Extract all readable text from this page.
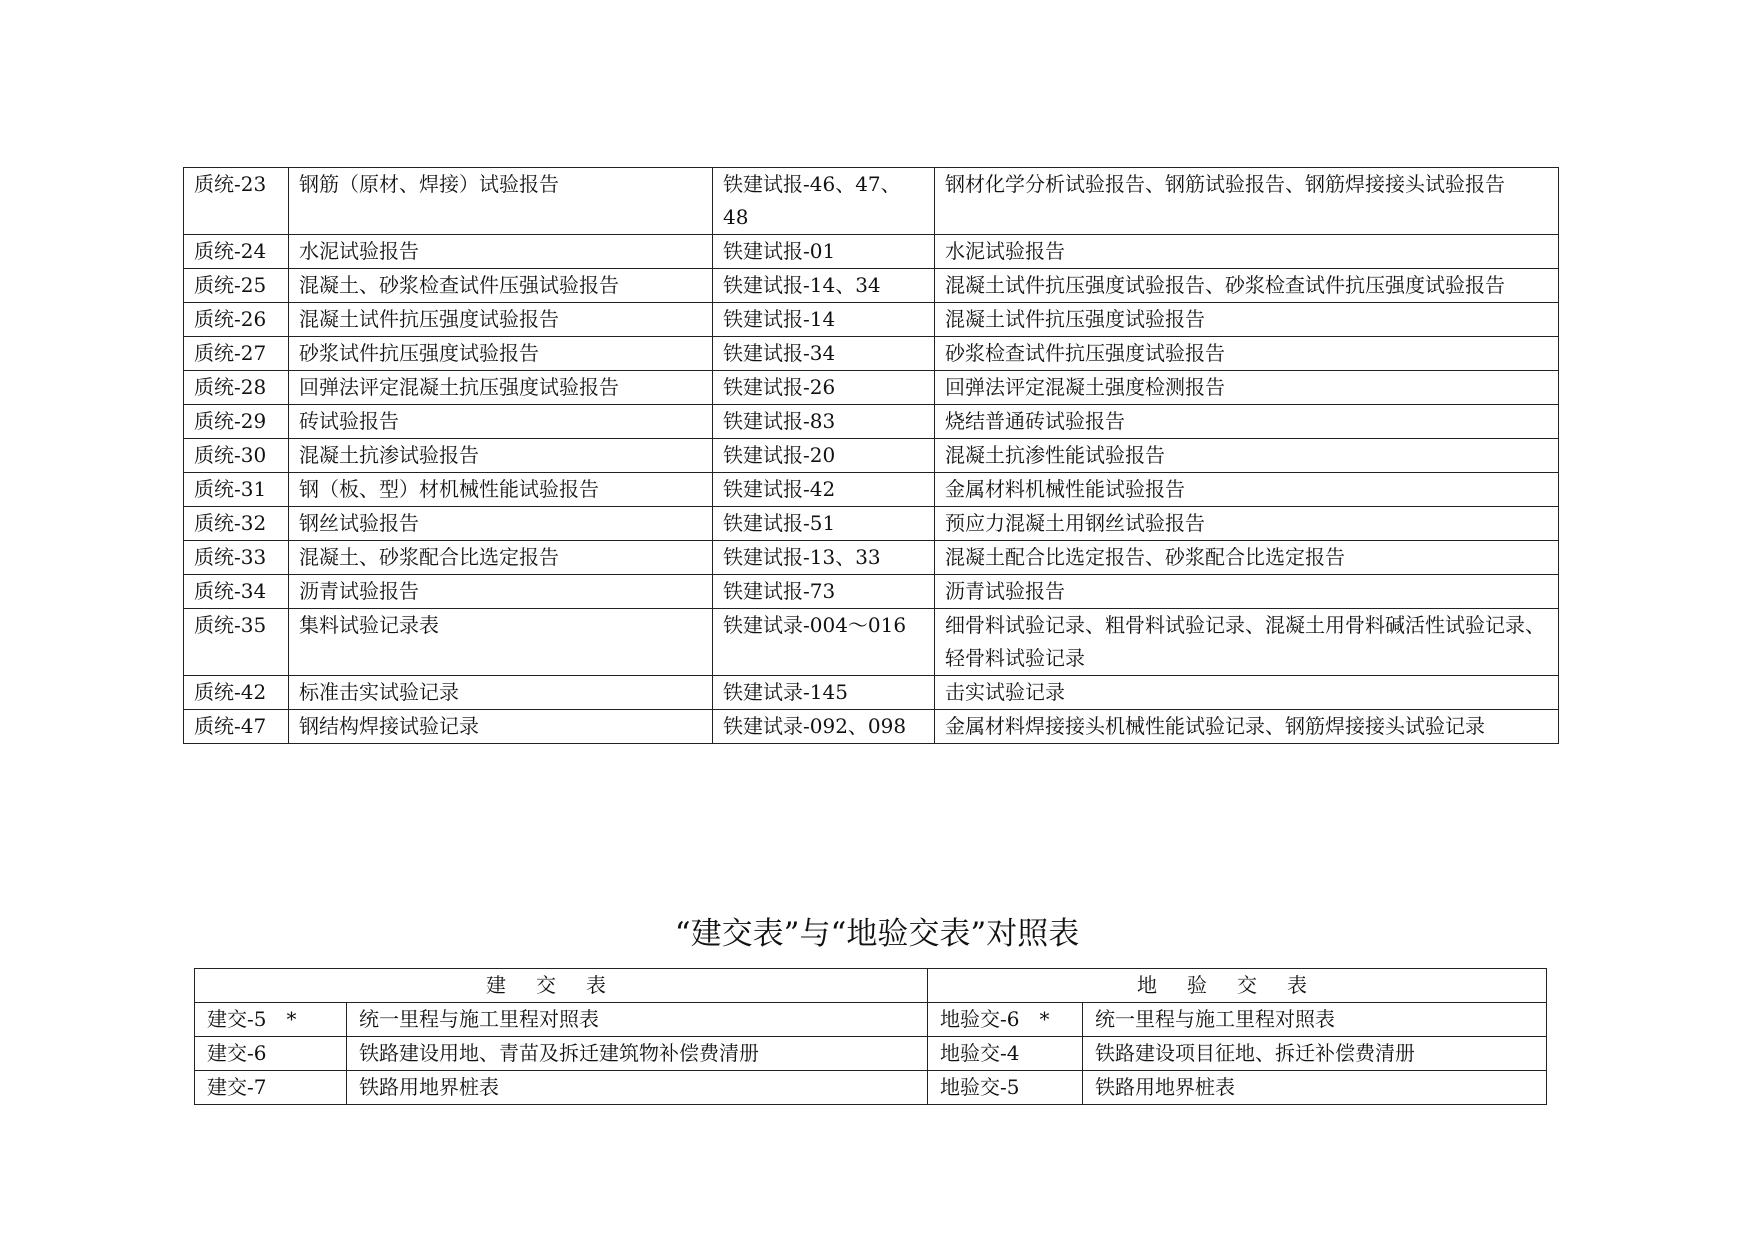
质统-23	钢筋（原材、焊接）试验报告	铁建试报-46、47、48	钢材化学分析试验报告、钢筋试验报告、钢筋焊接接头试验报告
质统-24	水泥试验报告	铁建试报-01	水泥试验报告
质统-25	混凝土、砂浆检查试件压强试验报告	铁建试报-14、34	混凝土试件抗压强度试验报告、砂浆检查试件抗压强度试验报告
质统-26	混凝土试件抗压强度试验报告	铁建试报-14	混凝土试件抗压强度试验报告
质统-27	砂浆试件抗压强度试验报告	铁建试报-34	砂浆检查试件抗压强度试验报告
质统-28	回弹法评定混凝土抗压强度试验报告	铁建试报-26	回弹法评定混凝土强度检测报告
质统-29	砖试验报告	铁建试报-83	烧结普通砖试验报告
质统-30	混凝土抗渗试验报告	铁建试报-20	混凝土抗渗性能试验报告
质统-31	钢（板、型）材机械性能试验报告	铁建试报-42	金属材料机械性能试验报告
质统-32	钢丝试验报告	铁建试报-51	预应力混凝土用钢丝试验报告
质统-33	混凝土、砂浆配合比选定报告	铁建试报-13、33	混凝土配合比选定报告、砂浆配合比选定报告
质统-34	沥青试验报告	铁建试报-73	沥青试验报告
质统-35	集料试验记录表	铁建试录-004～016	细骨料试验记录、粗骨料试验记录、混凝土用骨料碱活性试验记录、轻骨料试验记录
质统-42	标准击实试验记录	铁建试录-145	击实试验记录
质统-47	钢结构焊接试验记录	铁建试录-092、098	金属材料焊接接头机械性能试验记录、钢筋焊接接头试验记录
“建交表”与“地验交表”对照表
建交表		地验交表	
建交-5　*	统一里程与施工里程对照表	地验交-6　*	统一里程与施工里程对照表
建交-6	铁路建设用地、青苗及拆迁建筑物补偿费清册	地验交-4	铁路建设项目征地、拆迁补偿费清册
建交-7	铁路用地界桩表	地验交-5	铁路用地界桩表
